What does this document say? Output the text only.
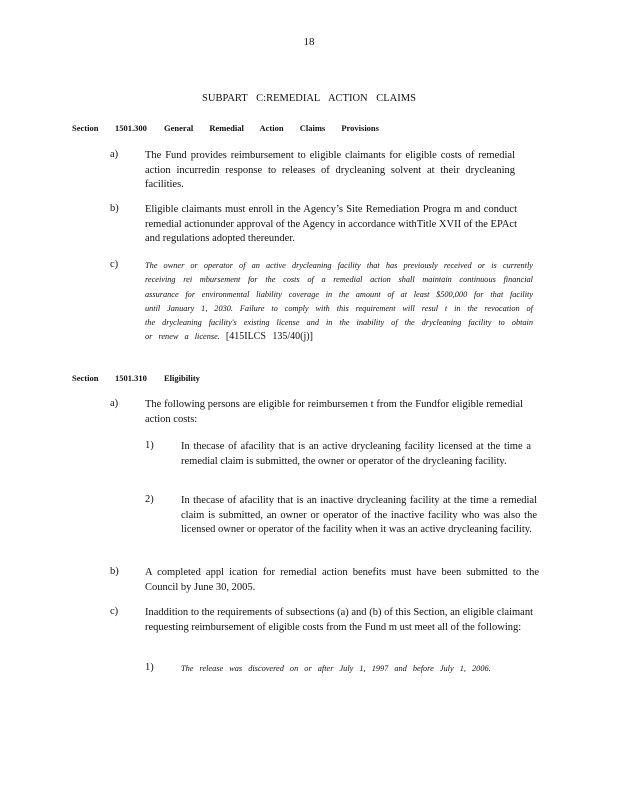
18
SUBPART C:REMEDIAL ACTION CLAIMS
Section 1501.300 General Remedial Action Claims Provisions
a)	The Fund provides reimbursement to eligible claimants for eligible costs of remedial action incurredin response to releases of drycleaning solvent at their drycleaning facilities.
b)	Eligible claimants must enroll in the Agency’s Site Remediation Progra m and conduct remedial actionunder approval of the Agency in accordance withTitle XVII of the EPAct and regulations adopted thereunder.
c)	The owner or operator of an active drycleaning facility that has previously received or is currently receiving rei mbursement for the costs of a remedial action shall maintain continuous financial assurance for environmental liability coverage in the amount of at least $500,000 for that facility until January 1, 2030. Failure to comply with this requirement will resul t in the revocation of the drycleaning facility's existing license and in the inability of the drycleaning facility to obtain or renew a license. [415ILCS 135/40(j)]
Section 1501.310 Eligibility
a)	The following persons are eligible for reimbursemen t from the Fundfor eligible remedial action costs:
1)	In thecase of afacility that is an active drycleaning facility licensed at the time a remedial claim is submitted, the owner or operator of the drycleaning facility.
2)	In thecase of afacility that is an inactive drycleaning facility at the time a remedial claim is submitted, an owner or operator of the inactive facility who was also the licensed owner or operator of the facility when it was an active drycleaning facility.
b)	A completed appl ication for remedial action benefits must have been submitted to the Council by June 30, 2005.
c)	Inaddition to the requirements of subsections (a) and (b) of this Section, an eligible claimant requesting reimbursement of eligible costs from the Fund m ust meet all of the following:
1)	The release was discovered on or after July 1, 1997 and before July 1, 2006.
